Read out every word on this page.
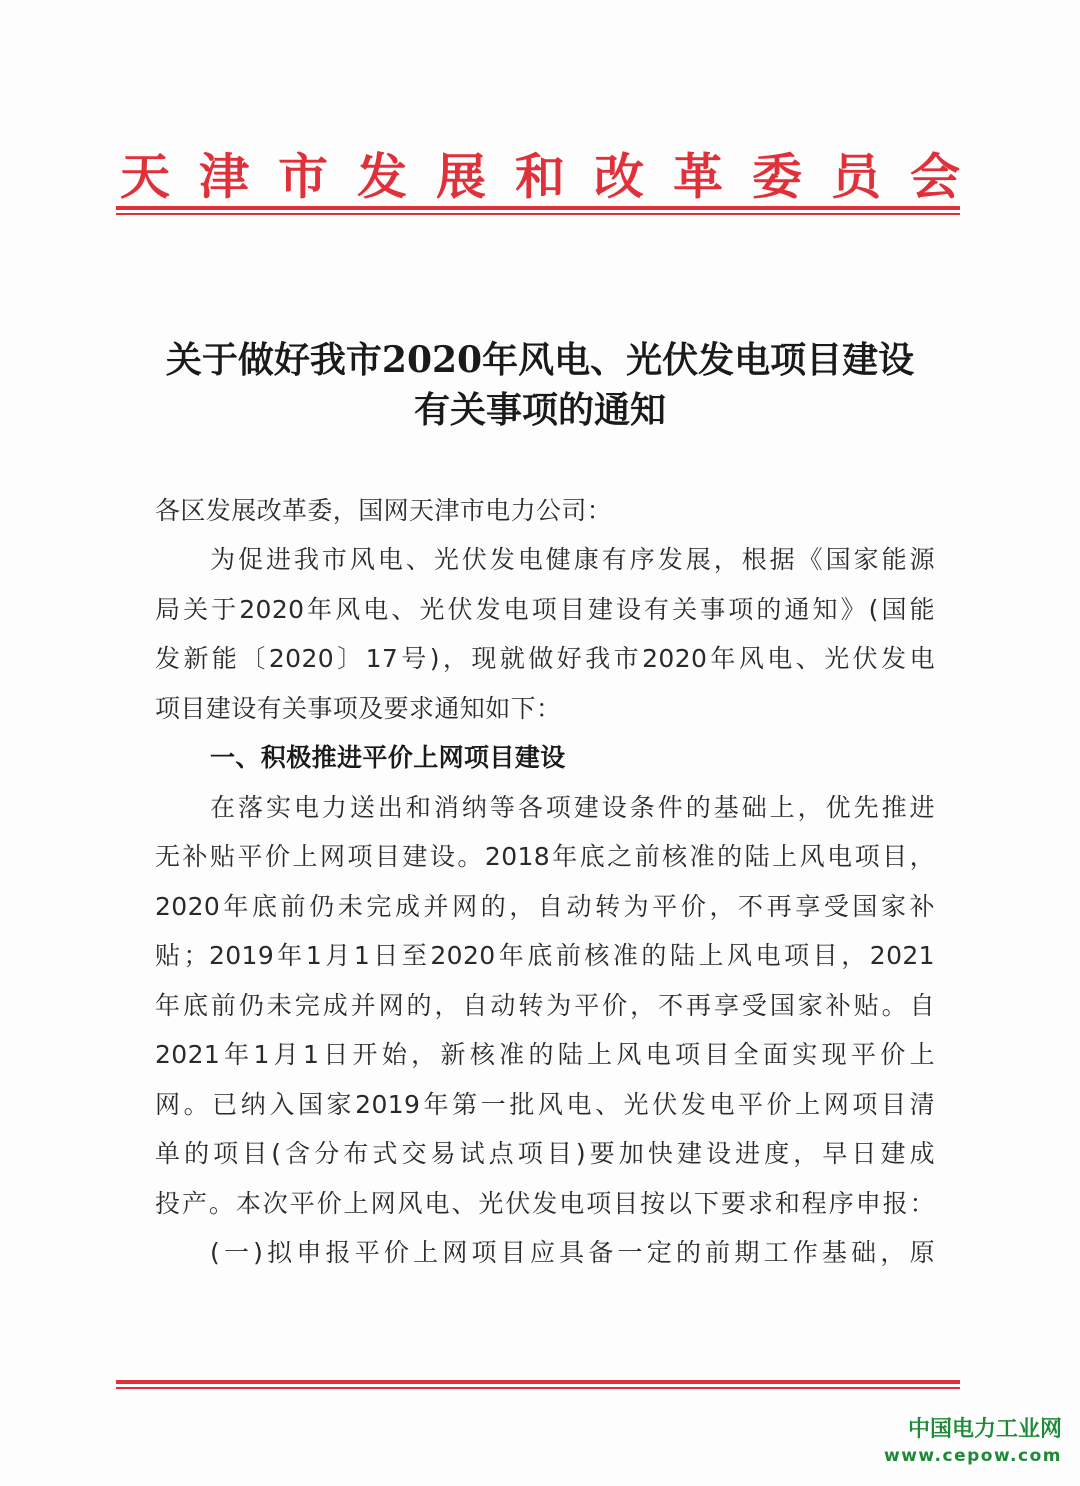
天 津 市 发 展 和 改 革 委 员 会
关于做好我市2020年风电、光伏发电项目建设
有关事项的通知
各区发展改革委，国网天津市电力公司：
为促进我市风电、光伏发电健康有序发展，根据《国家能源
局关于2020年风电、光伏发电项目建设有关事项的通知》(国能
发新能〔2020〕17号)，现就做好我市2020年风电、光伏发电
项目建设有关事项及要求通知如下：
一、积极推进平价上网项目建设
在落实电力送出和消纳等各项建设条件的基础上，优先推进
无补贴平价上网项目建设。2018年底之前核准的陆上风电项目，
2020年底前仍未完成并网的，自动转为平价，不再享受国家补
贴；2019年1月1日至2020年底前核准的陆上风电项目，2021
年底前仍未完成并网的，自动转为平价，不再享受国家补贴。自
2021年1月1日开始，新核准的陆上风电项目全面实现平价上
网。已纳入国家2019年第一批风电、光伏发电平价上网项目清
单的项目(含分布式交易试点项目)要加快建设进度，早日建成
投产。本次平价上网风电、光伏发电项目按以下要求和程序申报：
(一)拟申报平价上网项目应具备一定的前期工作基础，原
中国电力工业网
www.cepow.com
